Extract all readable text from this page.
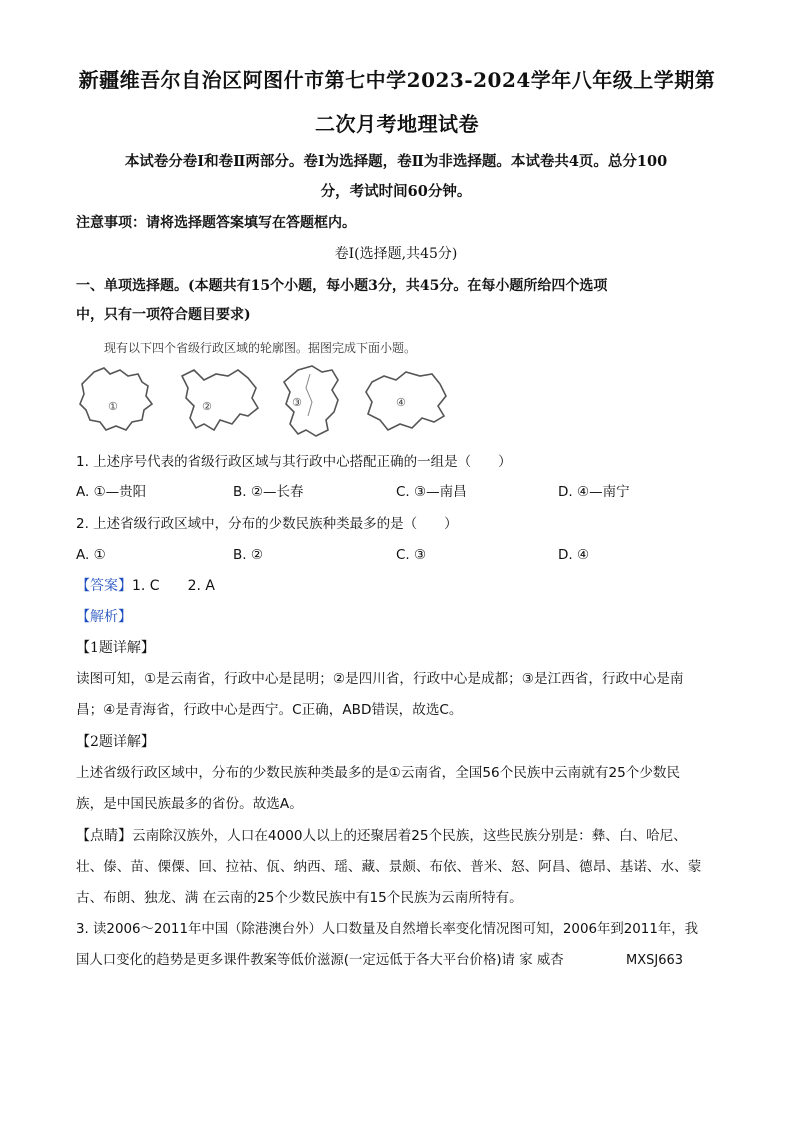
新疆维吾尔自治区阿图什市第七中学2023-2024学年八年级上学期第
二次月考地理试卷
本试卷分卷Ⅰ和卷Ⅱ两部分。卷Ⅰ为选择题，卷Ⅱ为非选择题。本试卷共4页。总分100
分，考试时间60分钟。
注意事项：请将选择题答案填写在答题框内。
卷Ⅰ(选择题,共45分)
一、单项选择题。(本题共有15个小题，每小题3分，共45分。在每小题所给四个选项
中，只有一项符合题目要求)
现有以下四个省级行政区域的轮廓图。据图完成下面小题。
①	②	③	④
1. 上述序号代表的省级行政区域与其行政中心搭配正确的一组是（　　）
A. ①—贵阳	B. ②—长春	C. ③—南昌	D. ④—南宁
2. 上述省级行政区域中，分布的少数民族种类最多的是（　　）
A. ①	B. ②	C. ③	D. ④
【答案】1. C　　2. A
【解析】
【1题详解】
读图可知，①是云南省，行政中心是昆明；②是四川省，行政中心是成都；③是江西省，行政中心是南
昌；④是青海省，行政中心是西宁。C正确，ABD错误，故选C。
【2题详解】
上述省级行政区域中，分布的少数民族种类最多的是①云南省，全国56个民族中云南就有25个少数民
族，是中国民族最多的省份。故选A。
【点睛】云南除汉族外，人口在4000人以上的还聚居着25个民族，这些民族分别是：彝、白、哈尼、
壮、傣、苗、傈僳、回、拉祜、佤、纳西、瑶、藏、景颇、布依、普米、怒、阿昌、德昂、基诺、水、蒙
古、布朗、独龙、满 在云南的25个少数民族中有15个民族为云南所特有。
3. 读2006～2011年中国（除港澳台外）人口数量及自然增长率变化情况图可知，2006年到2011年，我
国人口变化的趋势是更多课件教案等低价滋源(一定远低于各大平台价格)请 家 威杏	MXSJ663
